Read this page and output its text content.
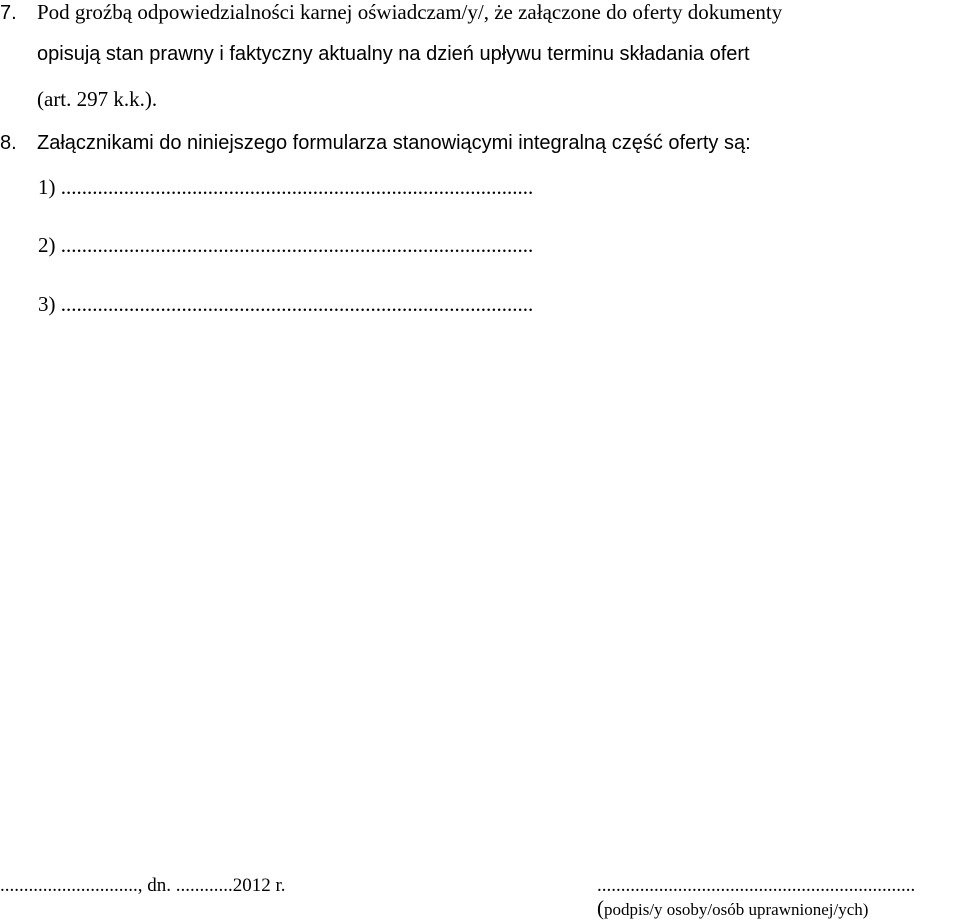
7. Pod groźbą odpowiedzialności karnej oświadczam/y/, że załączone do oferty dokumenty
opisują stan prawny i faktyczny aktualny na dzień upływu terminu składania ofert
(art. 297 k.k.).
8. Załącznikami do niniejszego formularza stanowiącymi integralną część oferty są:
1) ..........................................................................................
2) ..........................................................................................
3) ..........................................................................................
............................., dn. ............2012 r.	...................................................................
(podpis/y osoby/osób uprawnionej/ych)
